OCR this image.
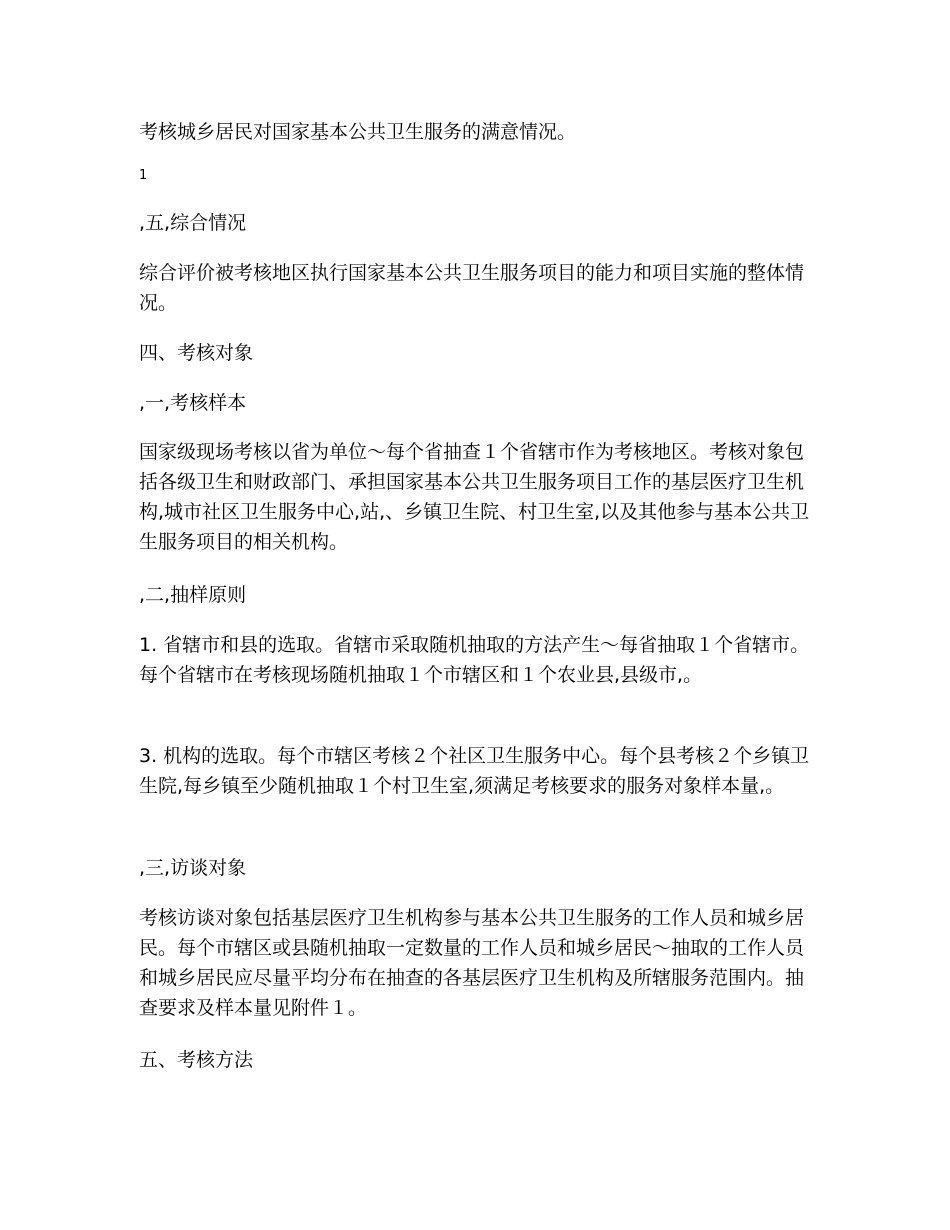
考核城乡居民对国家基本公共卫生服务的满意情况。

1

,五,综合情况

综合评价被考核地区执行国家基本公共卫生服务项目的能力和项目实施的整体情况。

四、考核对象

,一,考核样本

国家级现场考核以省为单位～每个省抽查１个省辖市作为考核地区。考核对象包括各级卫生和财政部门、承担国家基本公共卫生服务项目工作的基层医疗卫生机构,城市社区卫生服务中心,站,、乡镇卫生院、村卫生室,以及其他参与基本公共卫生服务项目的相关机构。

,二,抽样原则

1. 省辖市和县的选取。省辖市采取随机抽取的方法产生～每省抽取１个省辖市。每个省辖市在考核现场随机抽取１个市辖区和１个农业县,县级市,。

3. 机构的选取。每个市辖区考核２个社区卫生服务中心。每个县考核２个乡镇卫生院,每乡镇至少随机抽取１个村卫生室,须满足考核要求的服务对象样本量,。

,三,访谈对象

考核访谈对象包括基层医疗卫生机构参与基本公共卫生服务的工作人员和城乡居民。每个市辖区或县随机抽取一定数量的工作人员和城乡居民～抽取的工作人员和城乡居民应尽量平均分布在抽查的各基层医疗卫生机构及所辖服务范围内。抽查要求及样本量见附件１。

五、考核方法
